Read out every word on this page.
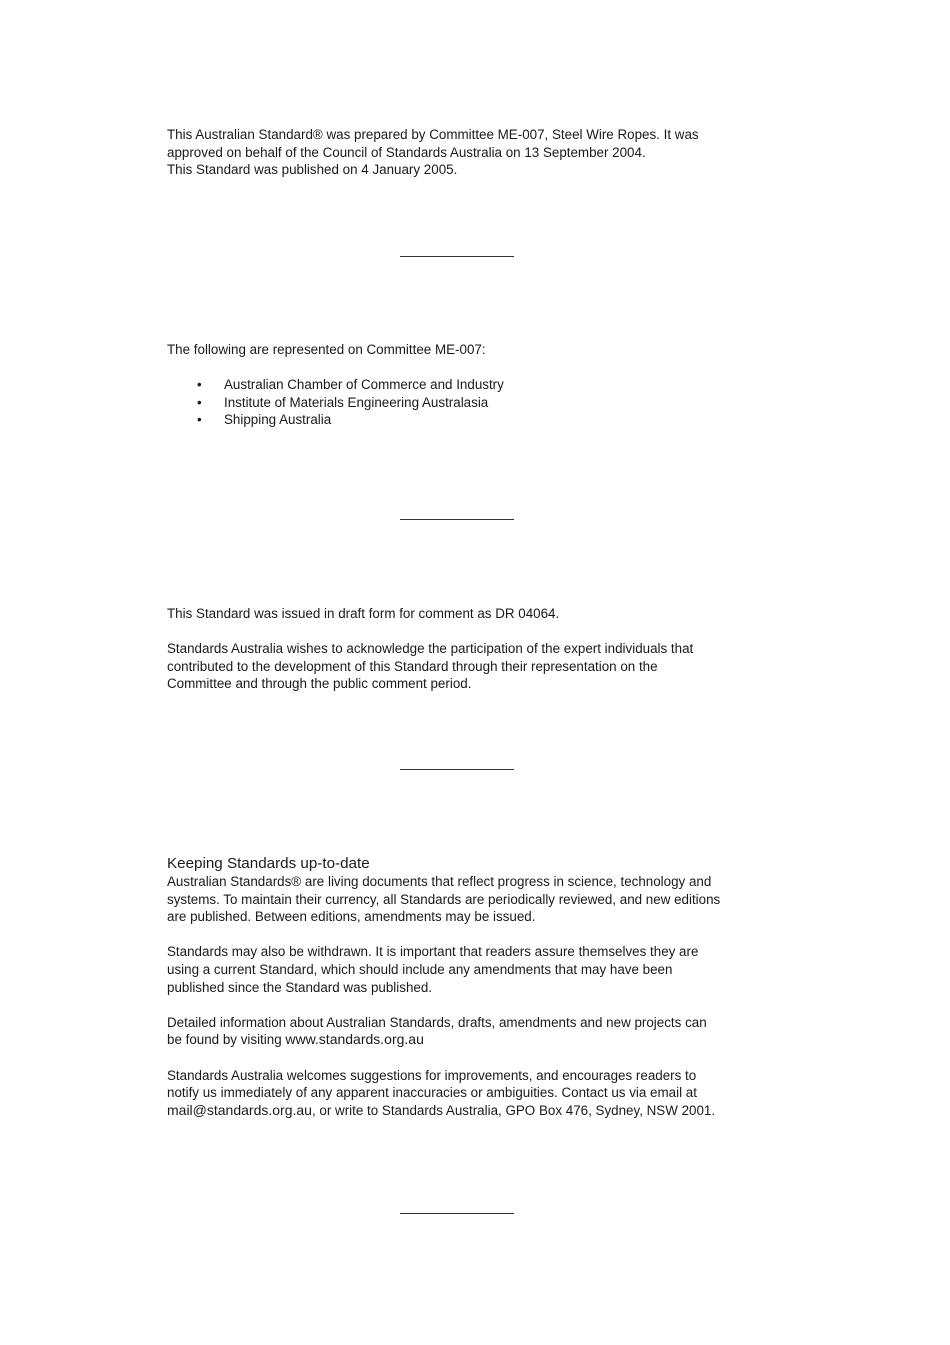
This Australian Standard® was prepared by Committee ME-007, Steel Wire Ropes. It was

approved on behalf of the Council of Standards Australia on 13 September 2004.

This Standard was published on 4 January 2005.

The following are represented on Committee ME-007:

• Australian Chamber of Commerce and Industry
• Institute of Materials Engineering Australasia
• Shipping Australia

This Standard was issued in draft form for comment as DR 04064.

Standards Australia wishes to acknowledge the participation of the expert individuals that

contributed to the development of this Standard through their representation on the

Committee and through the public comment period.

Keeping Standards up-to-date

Australian Standards® are living documents that reflect progress in science, technology and

systems. To maintain their currency, all Standards are periodically reviewed, and new editions

are published. Between editions, amendments may be issued.

Standards may also be withdrawn. It is important that readers assure themselves they are

using a current Standard, which should include any amendments that may have been

published since the Standard was published.

Detailed information about Australian Standards, drafts, amendments and new projects can

be found by visiting www.standards.org.au

Standards Australia welcomes suggestions for improvements, and encourages readers to

notify us immediately of any apparent inaccuracies or ambiguities. Contact us via email at

mail@standards.org.au, or write to Standards Australia, GPO Box 476, Sydney, NSW 2001.
